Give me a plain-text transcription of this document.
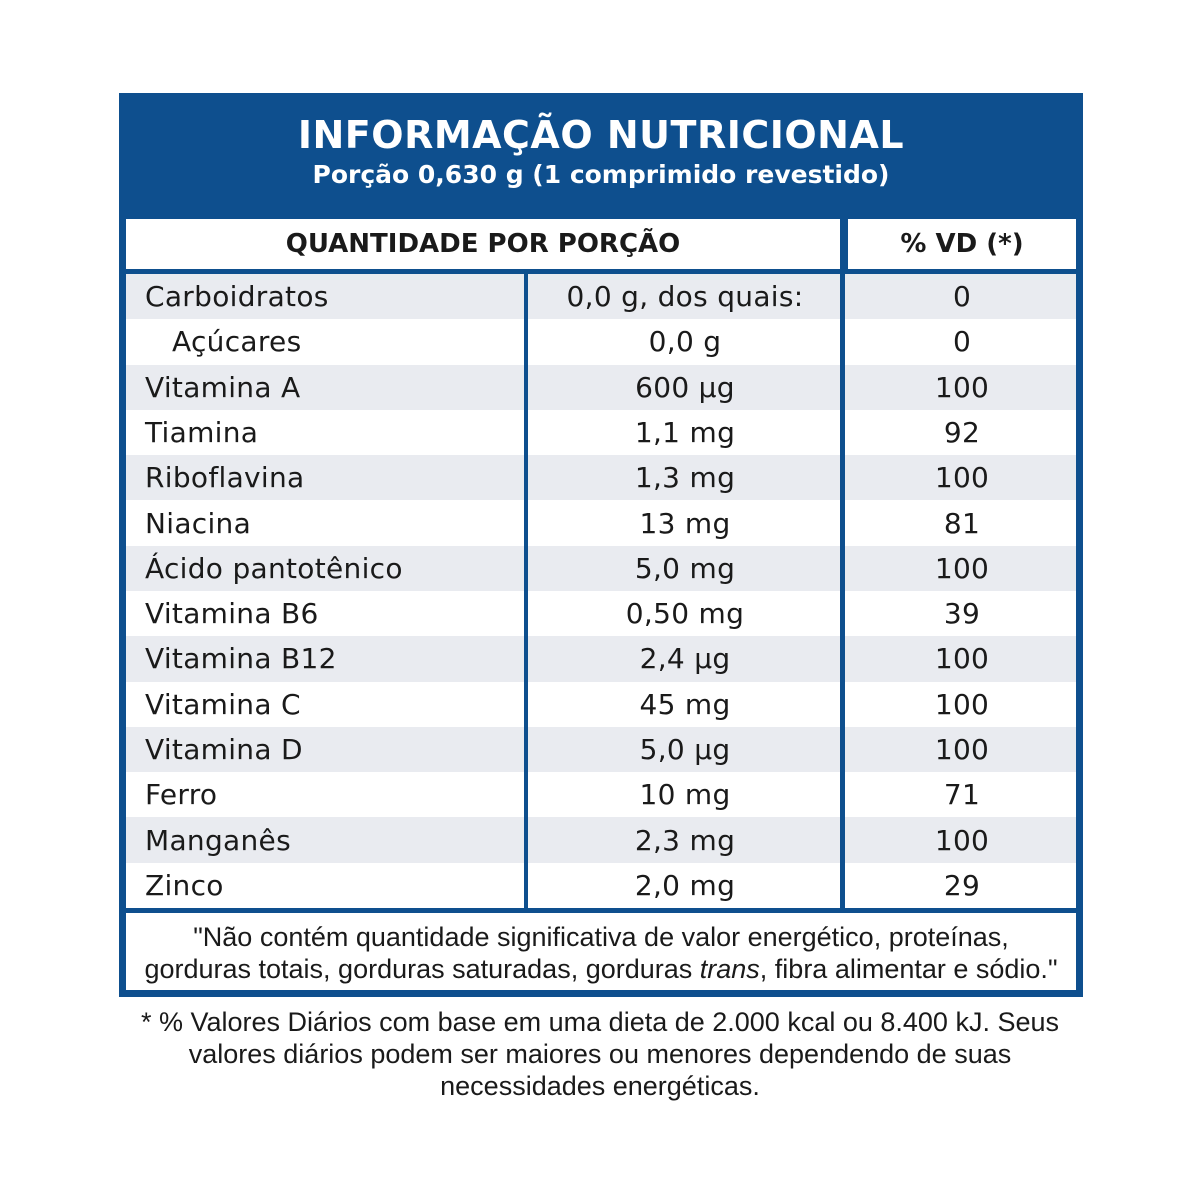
INFORMAÇÃO NUTRICIONAL
Porção 0,630 g (1 comprimido revestido)
QUANTIDADE POR PORÇÃO	% VD (*)
Carboidratos	0,0 g, dos quais:	0
Açúcares	0,0 g	0
Vitamina A	600 µg	100
Tiamina	1,1 mg	92
Riboflavina	1,3 mg	100
Niacina	13 mg	81
Ácido pantotênico	5,0 mg	100
Vitamina B6	0,50 mg	39
Vitamina B12	2,4 µg	100
Vitamina C	45 mg	100
Vitamina D	5,0 µg	100
Ferro	10 mg	71
Manganês	2,3 mg	100
Zinco	2,0 mg	29
"Não contém quantidade significativa de valor energético, proteínas,
gorduras totais, gorduras saturadas, gorduras trans, fibra alimentar e sódio."
* % Valores Diários com base em uma dieta de 2.000 kcal ou 8.400 kJ. Seus
valores diários podem ser maiores ou menores dependendo de suas
necessidades energéticas.
